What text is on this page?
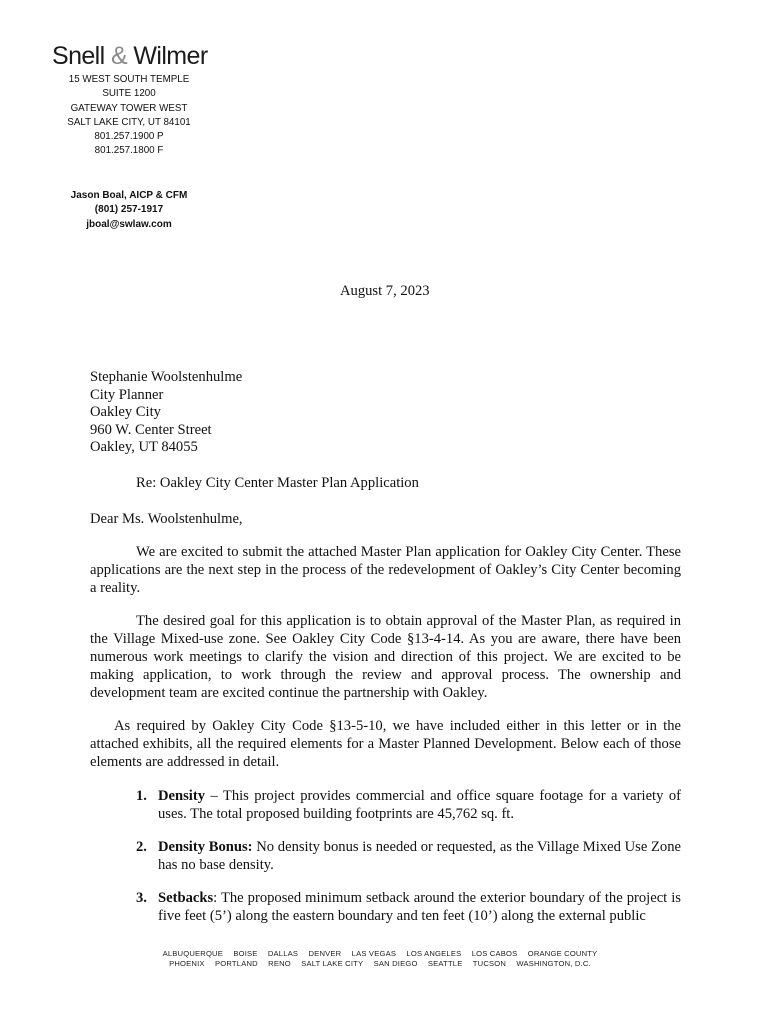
Snell & Wilmer
15 WEST SOUTH TEMPLE
SUITE 1200
GATEWAY TOWER WEST
SALT LAKE CITY, UT 84101
801.257.1900 P
801.257.1800 F
Jason Boal, AICP & CFM
(801) 257-1917
jboal@swlaw.com
August 7, 2023
Stephanie Woolstenhulme
City Planner
Oakley City
960 W. Center Street
Oakley, UT 84055
Re: Oakley City Center Master Plan Application
Dear Ms. Woolstenhulme,

We are excited to submit the attached Master Plan application for Oakley City Center. These applications are the next step in the process of the redevelopment of Oakley’s City Center becoming a reality.

The desired goal for this application is to obtain approval of the Master Plan, as required in the Village Mixed-use zone. See Oakley City Code §13-4-14. As you are aware, there have been numerous work meetings to clarify the vision and direction of this project. We are excited to be making application, to work through the review and approval process. The ownership and development team are excited continue the partnership with Oakley.

As required by Oakley City Code §13-5-10, we have included either in this letter or in the attached exhibits, all the required elements for a Master Planned Development. Below each of those elements are addressed in detail.

1. Density – This project provides commercial and office square footage for a variety of uses. The total proposed building footprints are 45,762 sq. ft.
2. Density Bonus: No density bonus is needed or requested, as the Village Mixed Use Zone has no base density.
3. Setbacks: The proposed minimum setback around the exterior boundary of the project is five feet (5’) along the eastern boundary and ten feet (10’) along the external public
ALBUQUERQUE BOISE DALLAS DENVER LAS VEGAS LOS ANGELES LOS CABOS ORANGE COUNTY
PHOENIX PORTLAND RENO SALT LAKE CITY SAN DIEGO SEATTLE TUCSON WASHINGTON, D.C.
